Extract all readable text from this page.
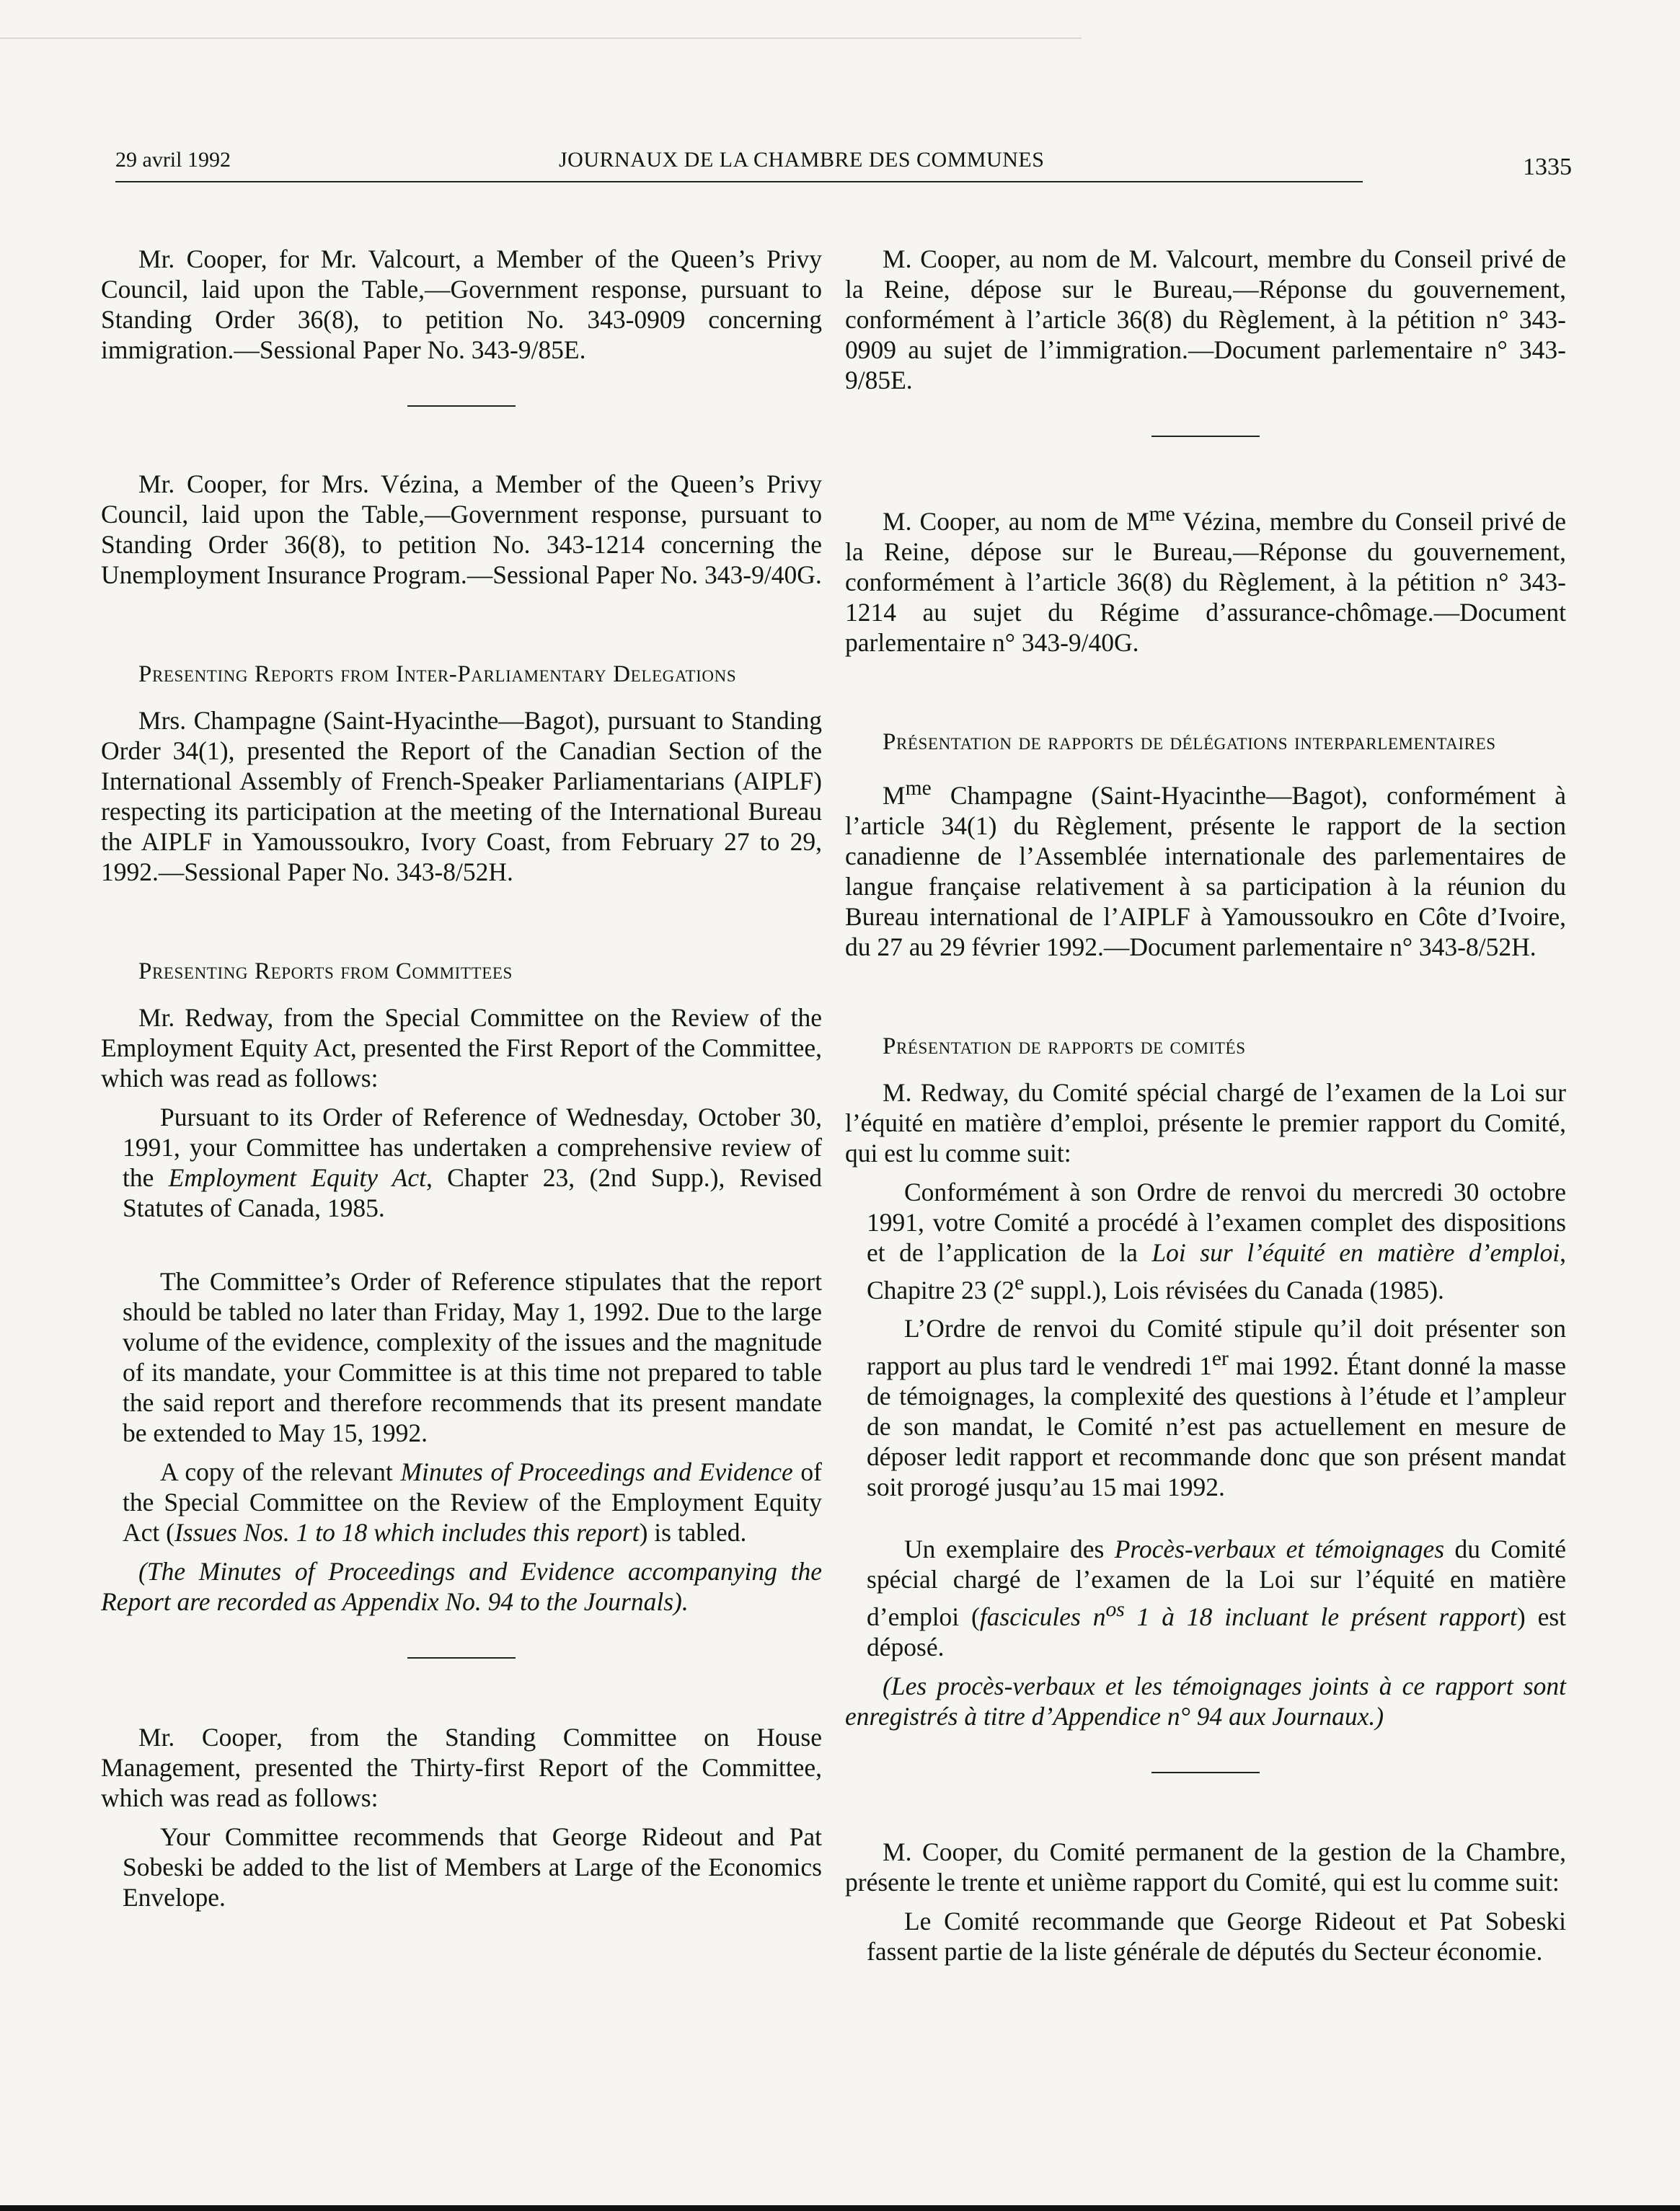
29 avril 1992	JOURNAUX DE LA CHAMBRE DES COMMUNES	1335

Mr. Cooper, for Mr. Valcourt, a Member of the Queen’s Privy Council, laid upon the Table,—Government response, pursuant to Standing Order 36(8), to petition No. 343-0909 concerning immigration.—Sessional Paper No. 343-9/85E.

Mr. Cooper, for Mrs. Vézina, a Member of the Queen’s Privy Council, laid upon the Table,—Government response, pursuant to Standing Order 36(8), to petition No. 343-1214 concerning the Unemployment Insurance Program.—Sessional Paper No. 343-9/40G.

Presenting Reports from Inter-Parliamentary Delegations

Mrs. Champagne (Saint-Hyacinthe—Bagot), pursuant to Standing Order 34(1), presented the Report of the Canadian Section of the International Assembly of French-Speaker Parliamentarians (AIPLF) respecting its participation at the meeting of the International Bureau the AIPLF in Yamoussoukro, Ivory Coast, from February 27 to 29, 1992.—Sessional Paper No. 343-8/52H.

Presenting Reports from Committees

Mr. Redway, from the Special Committee on the Review of the Employment Equity Act, presented the First Report of the Committee, which was read as follows:

Pursuant to its Order of Reference of Wednesday, October 30, 1991, your Committee has undertaken a comprehensive review of the Employment Equity Act, Chapter 23, (2nd Supp.), Revised Statutes of Canada, 1985.

The Committee’s Order of Reference stipulates that the report should be tabled no later than Friday, May 1, 1992. Due to the large volume of the evidence, complexity of the issues and the magnitude of its mandate, your Committee is at this time not prepared to table the said report and therefore recommends that its present mandate be extended to May 15, 1992.

A copy of the relevant Minutes of Proceedings and Evidence of the Special Committee on the Review of the Employment Equity Act (Issues Nos. 1 to 18 which includes this report) is tabled.

(The Minutes of Proceedings and Evidence accompanying the Report are recorded as Appendix No. 94 to the Journals).

Mr. Cooper, from the Standing Committee on House Management, presented the Thirty-first Report of the Committee, which was read as follows:

Your Committee recommends that George Rideout and Pat Sobeski be added to the list of Members at Large of the Economics Envelope.

M. Cooper, au nom de M. Valcourt, membre du Conseil privé de la Reine, dépose sur le Bureau,—Réponse du gouvernement, conformément à l’article 36(8) du Règlement, à la pétition n° 343-0909 au sujet de l’immigration.—Document parlementaire n° 343-9/85E.

M. Cooper, au nom de $M^{me}$ Vézina, membre du Conseil privé de la Reine, dépose sur le Bureau,—Réponse du gouvernement, conformément à l’article 36(8) du Règlement, à la pétition n° 343-1214 au sujet du Régime d’assurance-chômage.—Document parlementaire n° 343-9/40G.

Présentation de rapports de délégations interparlementaires

$M^{me}$ Champagne (Saint-Hyacinthe—Bagot), conformément à l’article 34(1) du Règlement, présente le rapport de la section canadienne de l’Assemblée internationale des parlementaires de langue française relativement à sa participation à la réunion du Bureau international de l’AIPLF à Yamoussoukro en Côte d’Ivoire, du 27 au 29 février 1992.—Document parlementaire n° 343-8/52H.

Présentation de rapports de comités

M. Redway, du Comité spécial chargé de l’examen de la Loi sur l’équité en matière d’emploi, présente le premier rapport du Comité, qui est lu comme suit:

Conformément à son Ordre de renvoi du mercredi 30 octobre 1991, votre Comité a procédé à l’examen complet des dispositions et de l’application de la Loi sur l’équité en matière d’emploi, Chapitre 23 (2e suppl.), Lois révisées du Canada (1985).

L’Ordre de renvoi du Comité stipule qu’il doit présenter son rapport au plus tard le vendredi 1er mai 1992. Étant donné la masse de témoignages, la complexité des questions à l’étude et l’ampleur de son mandat, le Comité n’est pas actuellement en mesure de déposer ledit rapport et recommande donc que son présent mandat soit prorogé jusqu’au 15 mai 1992.

Un exemplaire des Procès-verbaux et témoignages du Comité spécial chargé de l’examen de la Loi sur l’équité en matière d’emploi (fascicules $n^{os}$ 1 à 18 incluant le présent rapport) est déposé.

(Les procès-verbaux et les témoignages joints à ce rapport sont enregistrés à titre d’Appendice n° 94 aux Journaux.)

M. Cooper, du Comité permanent de la gestion de la Chambre, présente le trente et unième rapport du Comité, qui est lu comme suit:

Le Comité recommande que George Rideout et Pat Sobeski fassent partie de la liste générale de députés du Secteur économie.
